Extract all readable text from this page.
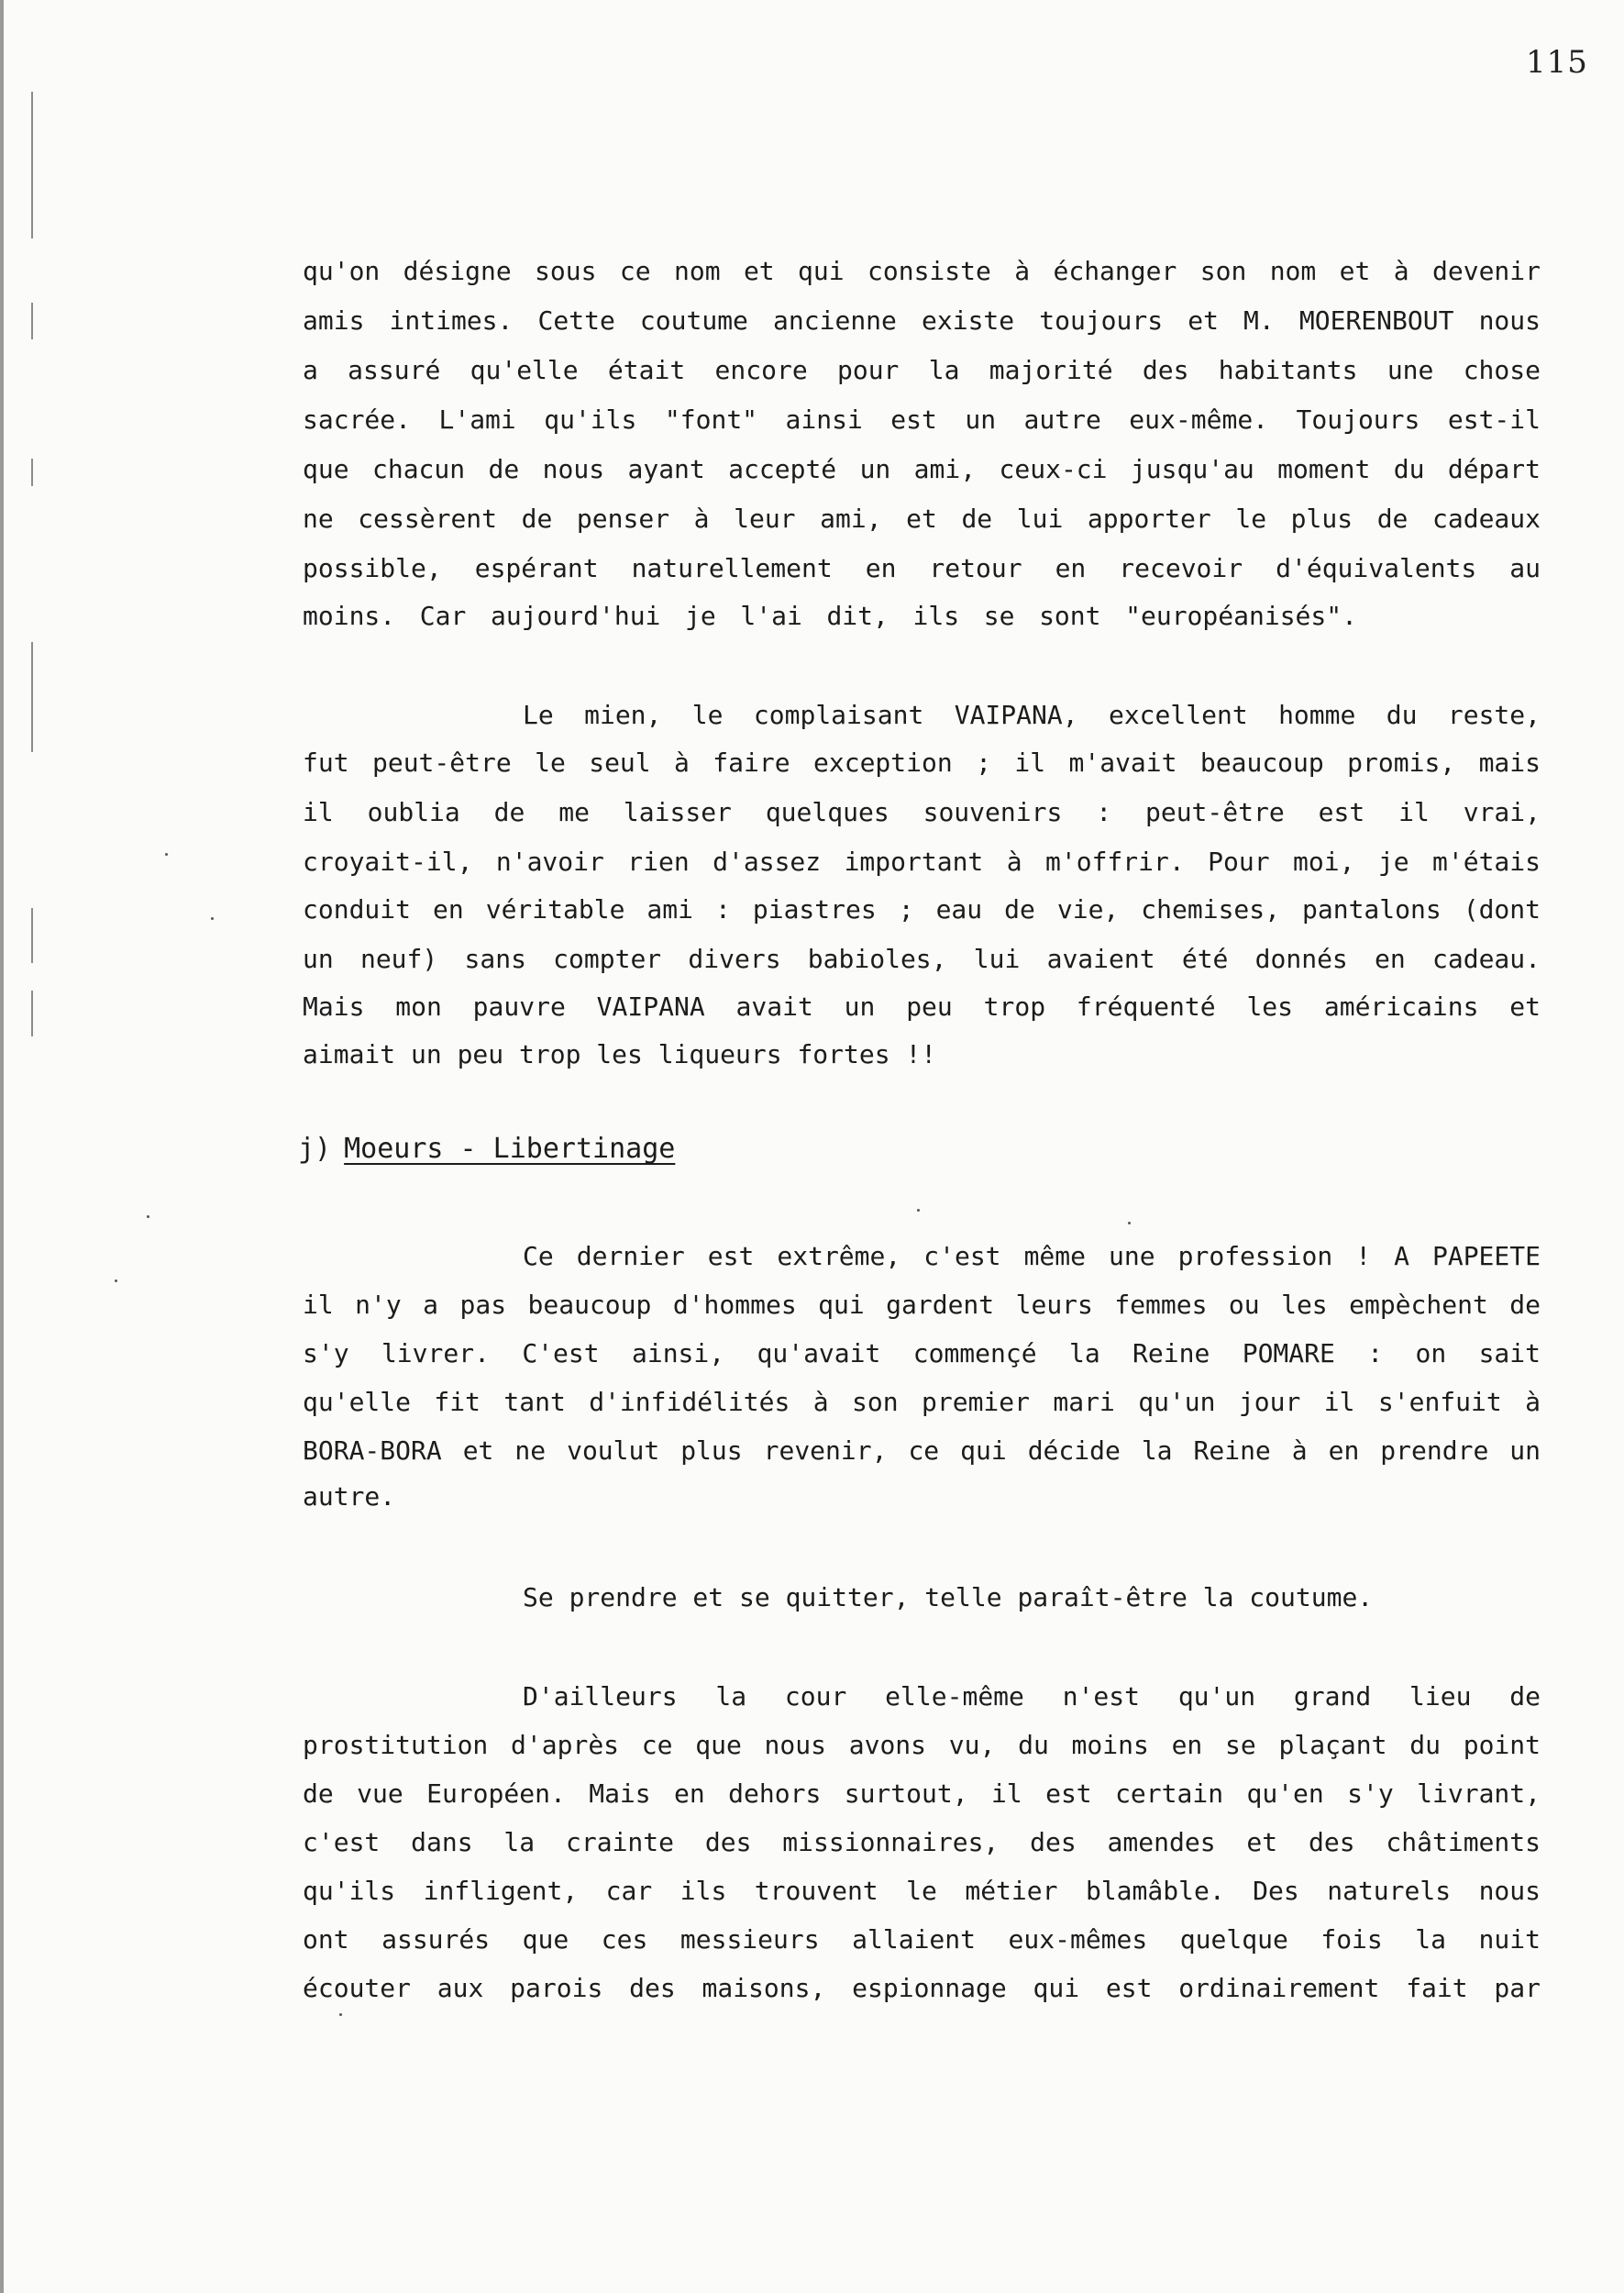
115
qu'on désigne sous ce nom et qui consiste à échanger son nom et à devenir
amis intimes. Cette coutume ancienne existe toujours et M. MOERENBOUT nous
a assuré qu'elle était encore pour la majorité des habitants une chose
sacrée. L'ami qu'ils "font" ainsi est un autre eux-même. Toujours est-il
que chacun de nous ayant accepté un ami, ceux-ci jusqu'au moment du départ
ne cessèrent de penser à leur ami, et de lui apporter le plus de cadeaux
possible, espérant naturellement en retour en recevoir d'équivalents au
moins. Car aujourd'hui je l'ai dit, ils se sont "européanisés".
Le mien, le complaisant VAIPANA, excellent homme du reste,
fut peut-être le seul à faire exception ; il m'avait beaucoup promis, mais
il oublia de me laisser quelques souvenirs : peut-être est il vrai,
croyait-il, n'avoir rien d'assez important à m'offrir. Pour moi, je m'étais
conduit en véritable ami : piastres ; eau de vie, chemises, pantalons (dont
un neuf) sans compter divers babioles, lui avaient été donnés en cadeau.
Mais mon pauvre VAIPANA avait un peu trop fréquenté les américains et
aimait un peu trop les liqueurs fortes !!
j) Moeurs - Libertinage
Ce dernier est extrême, c'est même une profession ! A PAPEETE
il n'y a pas beaucoup d'hommes qui gardent leurs femmes ou les empèchent de
s'y livrer. C'est ainsi, qu'avait commençé la Reine POMARE : on sait
qu'elle fit tant d'infidélités à son premier mari qu'un jour il s'enfuit à
BORA-BORA et ne voulut plus revenir, ce qui décide la Reine à en prendre un
autre.
Se prendre et se quitter, telle paraît-être la coutume.
D'ailleurs la cour elle-même n'est qu'un grand lieu de
prostitution d'après ce que nous avons vu, du moins en se plaçant du point
de vue Européen. Mais en dehors surtout, il est certain qu'en s'y livrant,
c'est dans la crainte des missionnaires, des amendes et des châtiments
qu'ils infligent, car ils trouvent le métier blamâble. Des naturels nous
ont assurés que ces messieurs allaient eux-mêmes quelque fois la nuit
écouter aux parois des maisons, espionnage qui est ordinairement fait par
